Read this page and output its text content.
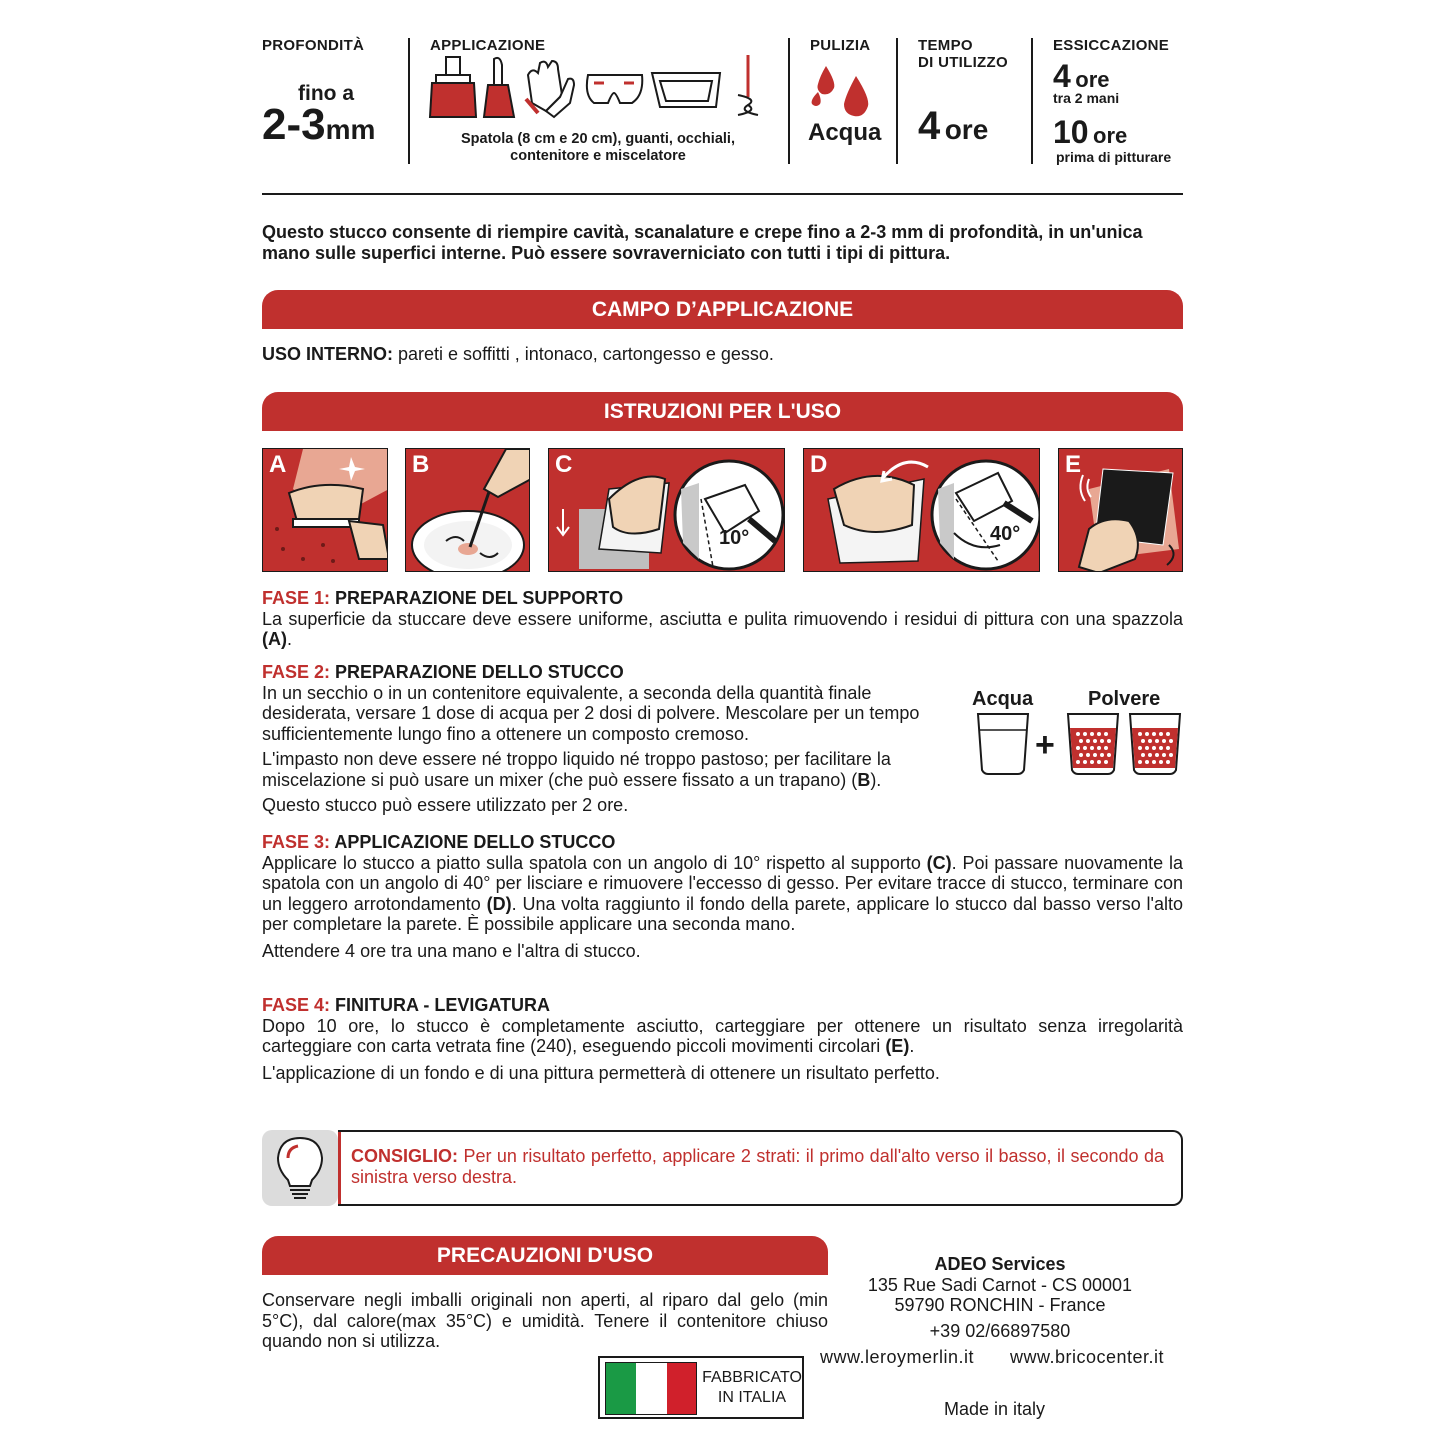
PROFONDITÀ
fino a
2-3mm
APPLICAZIONE
Spatola (8 cm e 20 cm), guanti, occhiali,
contenitore e miscelatore
PULIZIA
Acqua
TEMPO
DI UTILIZZO
4 ore
ESSICCAZIONE
4 ore
tra 2 mani
10 ore
prima di pitturare
Questo stucco consente di riempire cavità, scanalature e crepe fino a 2-3 mm di profondità, in un'unica mano sulle superfici interne. Può essere sovraverniciato con tutti i tipi di pittura.
CAMPO D’APPLICAZIONE
USO INTERNO: pareti e soffitti , intonaco, cartongesso e gesso.
ISTRUZIONI PER L'USO
A	B
10°
C
40°
D	E
FASE 1: PREPARAZIONE DEL SUPPORTO

La superficie da stuccare deve essere uniforme, asciutta e pulita rimuovendo i residui di pittura con una spazzola (A).

FASE 2: PREPARAZIONE DELLO STUCCO

In un secchio o in un contenitore equivalente, a seconda della quantità finale desiderata, versare 1 dose di acqua per 2 dosi di polvere. Mescolare per un tempo sufficientemente lungo fino a ottenere un composto cremoso.

L'impasto non deve essere né troppo liquido né troppo pastoso; per facilitare la miscelazione si può usare un mixer (che può essere fissato a un trapano) (B).

Questo stucco può essere utilizzato per 2 ore.

Acqua	Polvere
+
FASE 3: APPLICAZIONE DELLO STUCCO

Applicare lo stucco a piatto sulla spatola con un angolo di 10° rispetto al supporto (C). Poi passare nuovamente la spatola con un angolo di 40° per lisciare e rimuovere l'eccesso di gesso. Per evitare tracce di stucco, terminare con un leggero arrotondamento (D). Una volta raggiunto il fondo della parete, applicare lo stucco dal basso verso l'alto per completare la parete. È possibile applicare una seconda mano.

Attendere 4 ore tra una mano e l'altra di stucco.

FASE 4: FINITURA - LEVIGATURA

Dopo 10 ore, lo stucco è completamente asciutto, carteggiare per ottenere un risultato senza irregolarità carteggiare con carta vetrata fine (240), eseguendo piccoli movimenti circolari (E).

L'applicazione di un fondo e di una pittura permetterà di ottenere un risultato perfetto.

CONSIGLIO: Per un risultato perfetto, applicare 2 strati: il primo dall'alto verso il basso, il secondo da sinistra verso destra.
PRECAUZIONI D'USO
Conservare negli imballi originali non aperti, al riparo dal gelo (min 5°C), dal calore(max 35°C) e umidità. Tenere il contenitore chiuso quando non si utilizza.
FABBRICATO
IN ITALIA
ADEO Services
135 Rue Sadi Carnot - CS 00001
59790 RONCHIN - France
+39 02/66897580
www.leroymerlin.it www.bricocenter.it
Made in italy
